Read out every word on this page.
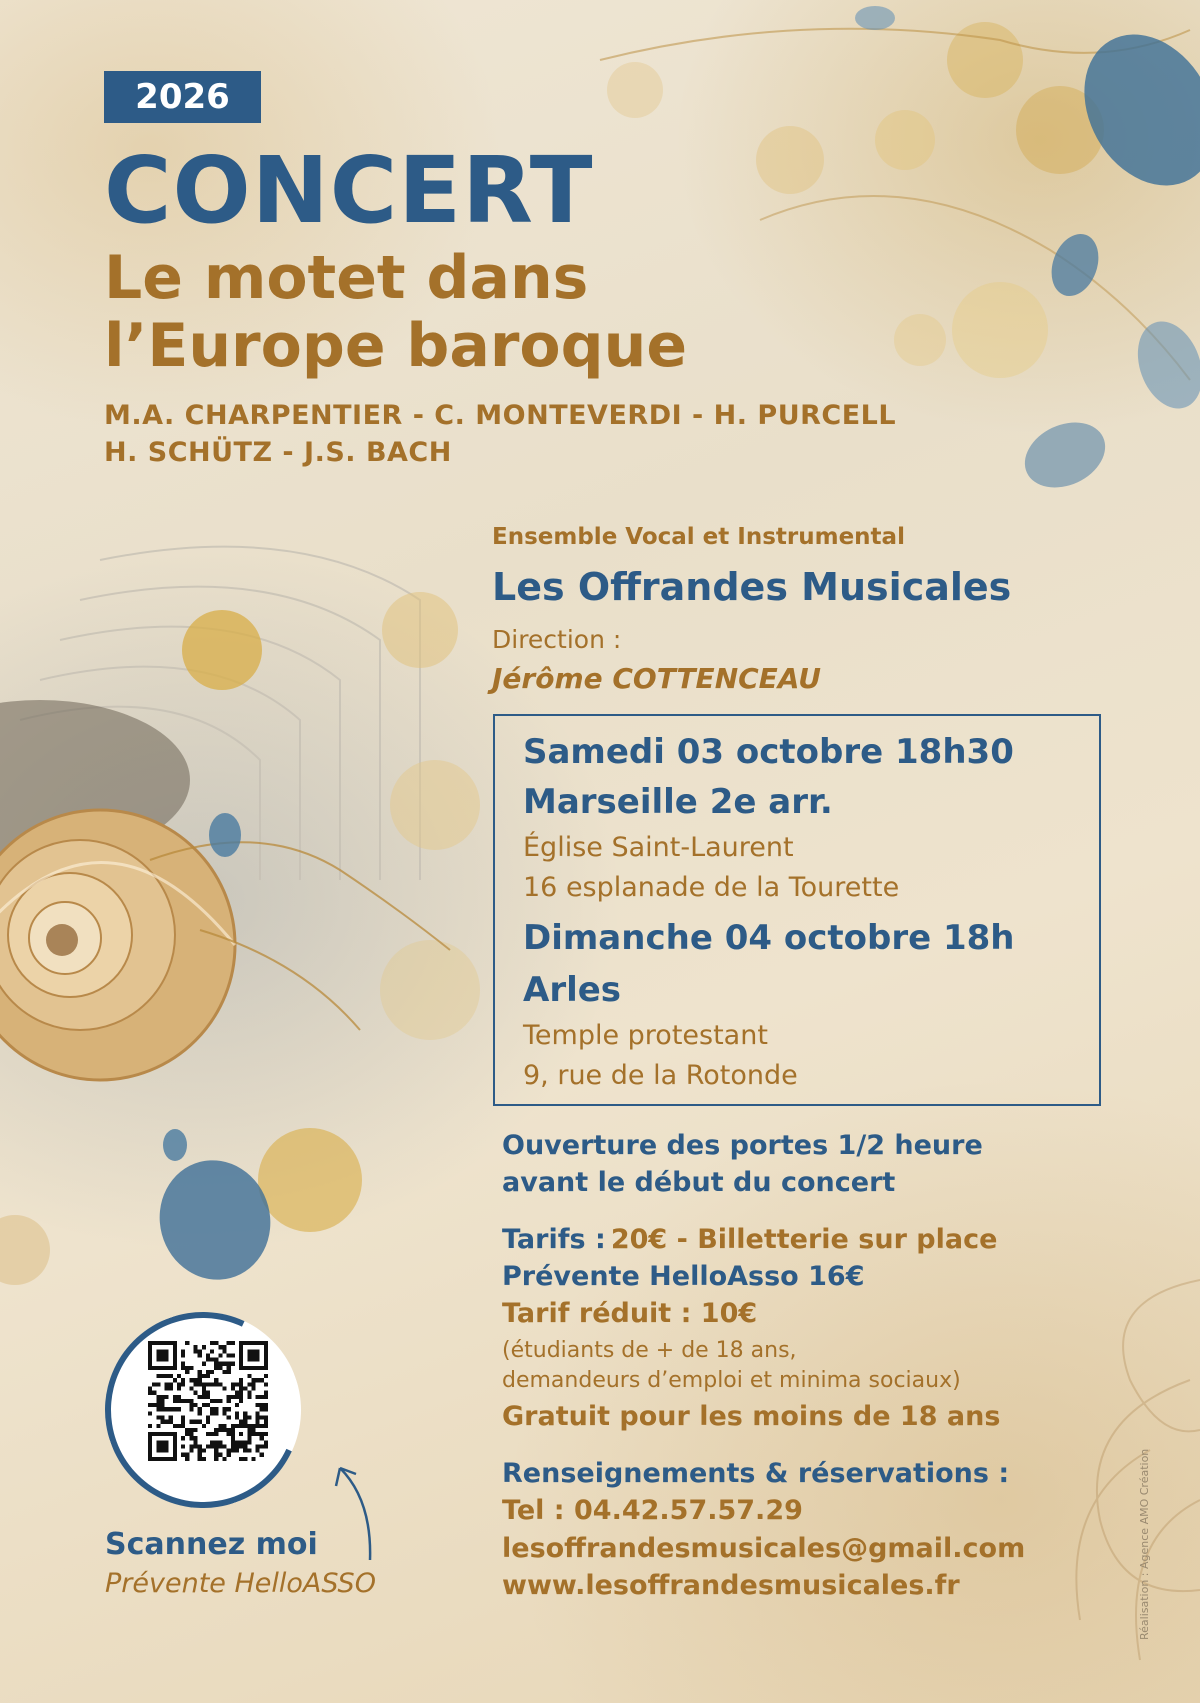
2026
CONCERT
Le motet dans
l’Europe baroque
M.A. CHARPENTIER - C. MONTEVERDI - H. PURCELL
H. SCHÜTZ - J.S. BACH
Ensemble Vocal et Instrumental
Les Offrandes Musicales
Direction :
Jérôme COTTENCEAU
Samedi 03 octobre 18h30
Marseille 2e arr.
Église Saint-Laurent
16 esplanade de la Tourette
Dimanche 04 octobre 18h
Arles
Temple protestant
9, rue de la Rotonde
Ouverture des portes 1/2 heure
avant le début du concert
Tarifs : 20€ - Billetterie sur place
Prévente HelloAsso 16€
Tarif réduit : 10€
(étudiants de + de 18 ans,
demandeurs d’emploi et minima sociaux)
Gratuit pour les moins de 18 ans
Renseignements & réservations :
Tel : 04.42.57.57.29
lesoffrandesmusicales@gmail.com
www.lesoffrandesmusicales.fr
Scannez moi
Prévente HelloASSO	Réalisation : Agence AMO Création
